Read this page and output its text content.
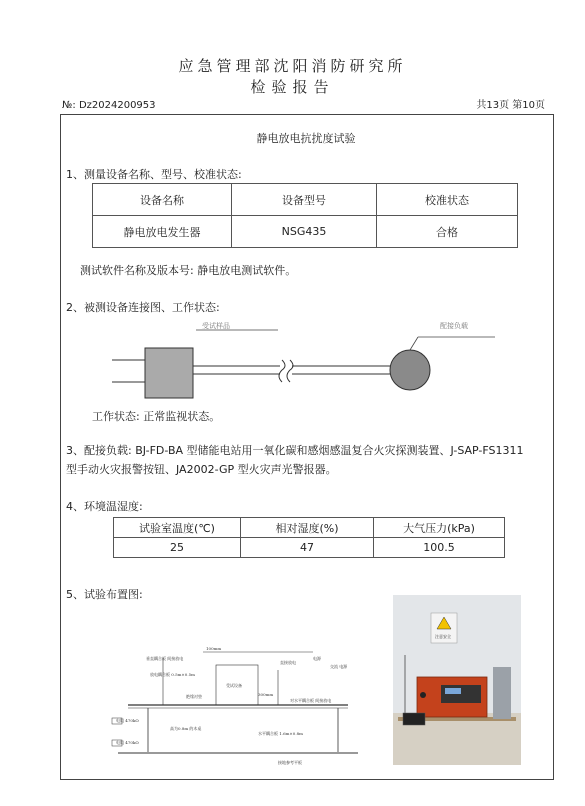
应急管理部沈阳消防研究所
检验报告
№: Dz2024200953	共13页 第10页
静电放电抗扰度试验
1、测量设备名称、型号、校准状态:
设备名称	设备型号	校准状态
静电放电发生器	NSG435	合格
测试软件名称及版本号: 静电放电测试软件。
2、被测设备连接图、工作状态:
受试样品	配接负载
工作状态: 正常监视状态。
3、配接负载: BJ-FD-BA 型储能电站用一氧化碳和感烟感温复合火灾探测装置、J-SAP-FS1311
型手动火灾报警按钮、JA2002-GP 型火灾声光警报器。
4、环境温湿度:
试验室温度(℃)	相对湿度(%)	大气压力(kPa)
25	47	100.5
5、试验布置图:
受试设备
垂直耦合板 间接放电
放电耦合板 0.5m×0.5m
100mm
直接放电
电源
交流 电源
绝缘衬垫	300mm
对水平耦合板 间接放电
电阻 470kΩ
电阻 470kΩ
高为0.8m 的木桌
水平耦合板 1.6m×0.8m
接地参考平板
注意安全
